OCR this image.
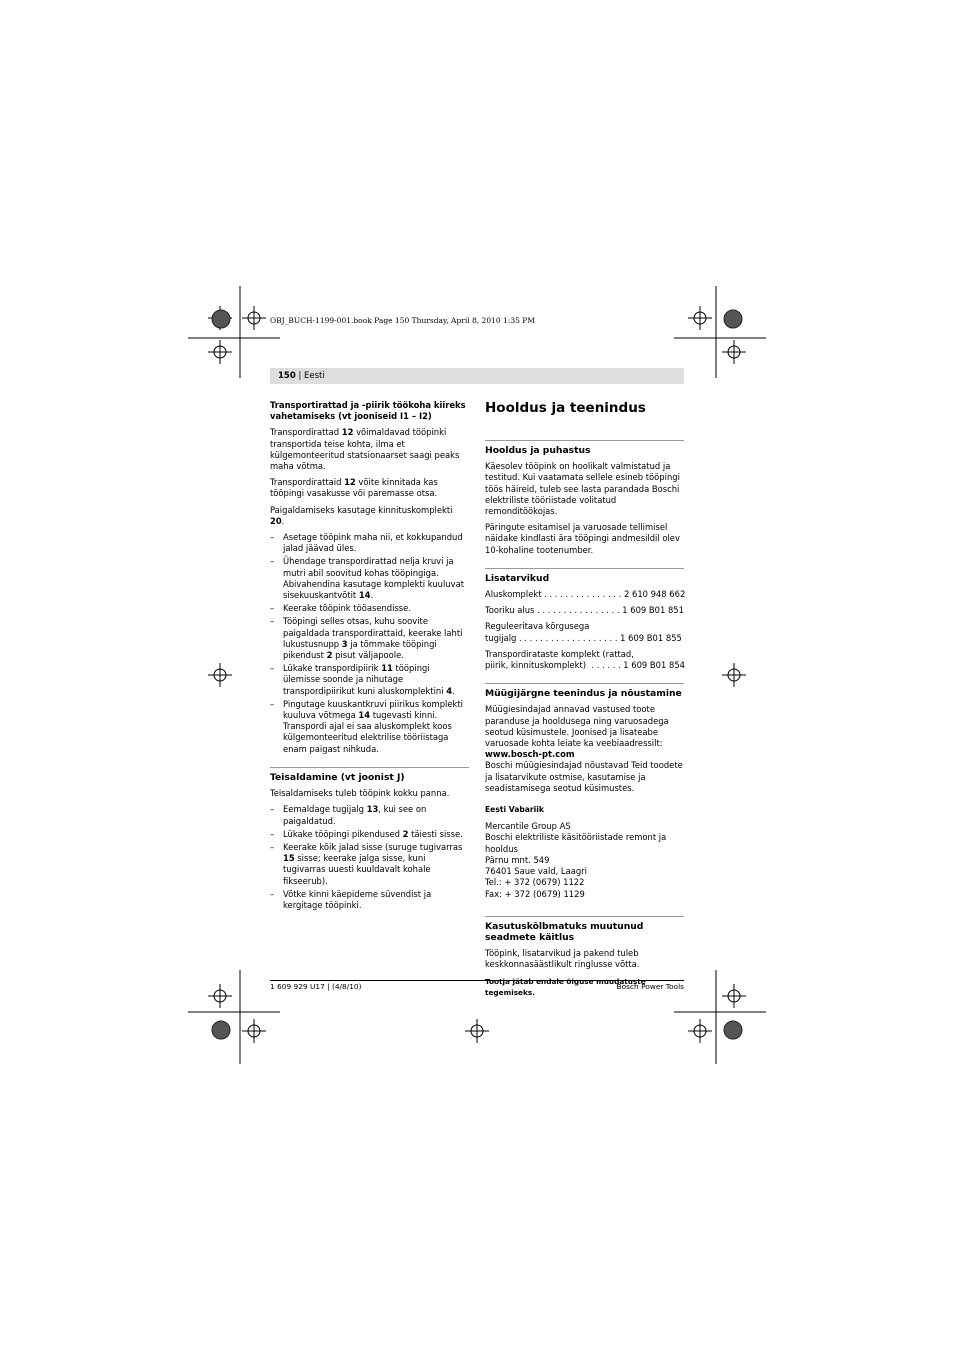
OBJ_BUCH-1199-001.book Page 150 Thursday, April 8, 2010 1:35 PM
150 | Eesti
Transportirattad ja -piirik töökoha kiireks vahetamiseks (vt jooniseid I1 – I2)

Transpordirattad 12 võimaldavad tööpinki transportida teise kohta, ilma et külgemonteeritud statsionaarset saagi peaks maha võtma.

Transpordirattaid 12 võite kinnitada kas tööpingi vasakusse või paremasse otsa.

Paigaldamiseks kasutage kinnituskomplekti 20.

– Asetage tööpink maha nii, et kokkupandud jalad jäävad üles.
– Ühendage transpordirattad nelja kruvi ja mutri abil soovitud kohas tööpingiga. Abivahendina kasutage komplekti kuuluvat sisekuuskantvõtit 14.
– Keerake tööpink tööasendisse.
– Tööpingi selles otsas, kuhu soovite paigaldada transpordirattaid, keerake lahti lukustusnupp 3 ja tõmmake tööpingi pikendust 2 pisut väljapoole.
– Lükake transpordipiirik 11 tööpingi ülemisse soonde ja nihutage transpordipiirikut kuni aluskomplektini 4.
– Pingutage kuuskantkruvi piirikus komplekti kuuluva võtmega 14 tugevasti kinni.
Transpordi ajal ei saa aluskomplekt koos külgemonteeritud elektrilise tööriistaga enam paigast nihkuda.
Teisaldamine (vt joonist J)

Teisaldamiseks tuleb tööpink kokku panna.

– Eemaldage tugijalg 13, kui see on paigaldatud.
– Lükake tööpingi pikendused 2 täiesti sisse.
– Keerake kõik jalad sisse (suruge tugivarras 15 sisse; keerake jalga sisse, kuni tugivarras uuesti kuuldavalt kohale fikseerub).
– Võtke kinni käepideme süvendist ja kergitage tööpinki.
Hooldus ja teenindus
Hooldus ja puhastus

Käesolev tööpink on hoolikalt valmistatud ja testitud. Kui vaatamata sellele esineb tööpingi töös häireid, tuleb see lasta parandada Boschi elektriliste tööriistade volitatud remonditöökojas.

Päringute esitamisel ja varuosade tellimisel näidake kindlasti ära tööpingi andmesildil olev 10-kohaline tootenumber.

Lisatarvikud

Aluskomplekt . . . . . . . . . . . . . . . 2 610 948 662

Tooriku alus . . . . . . . . . . . . . . . . 1 609 B01 851

Reguleeritava kõrgusega
tugijalg . . . . . . . . . . . . . . . . . . . 1 609 B01 855

Transpordirataste komplekt (rattad,
piirik, kinnituskomplekt)  . . . . . . 1 609 B01 854

Müügijärgne teenindus ja nõustamine

Müügiesindajad annavad vastused toote paranduse ja hooldusega ning varuosadega seotud küsimustele. Joonised ja lisateabe varuosade kohta leiate ka veebiaadressilt:
www.bosch-pt.com
Boschi müügiesindajad nõustavad Teid toodete ja lisatarvikute ostmise, kasutamise ja seadistamisega seotud küsimustes.

Eesti Vabariik

Mercantile Group AS
Boschi elektriliste käsitööriistade remont ja hooldus
Pärnu mnt. 549
76401 Saue vald, Laagri
Tel.: + 372 (0679) 1122
Fax: + 372 (0679) 1129

Kasutuskõlbmatuks muutunud seadmete käitlus

Tööpink, lisatarvikud ja pakend tuleb keskkonnasäästlikult ringlusse võtta.

Tootja jätab endale õiguse muudatuste tegemiseks.

1 609 929 U17 | (4/8/10)	Bosch Power Tools
